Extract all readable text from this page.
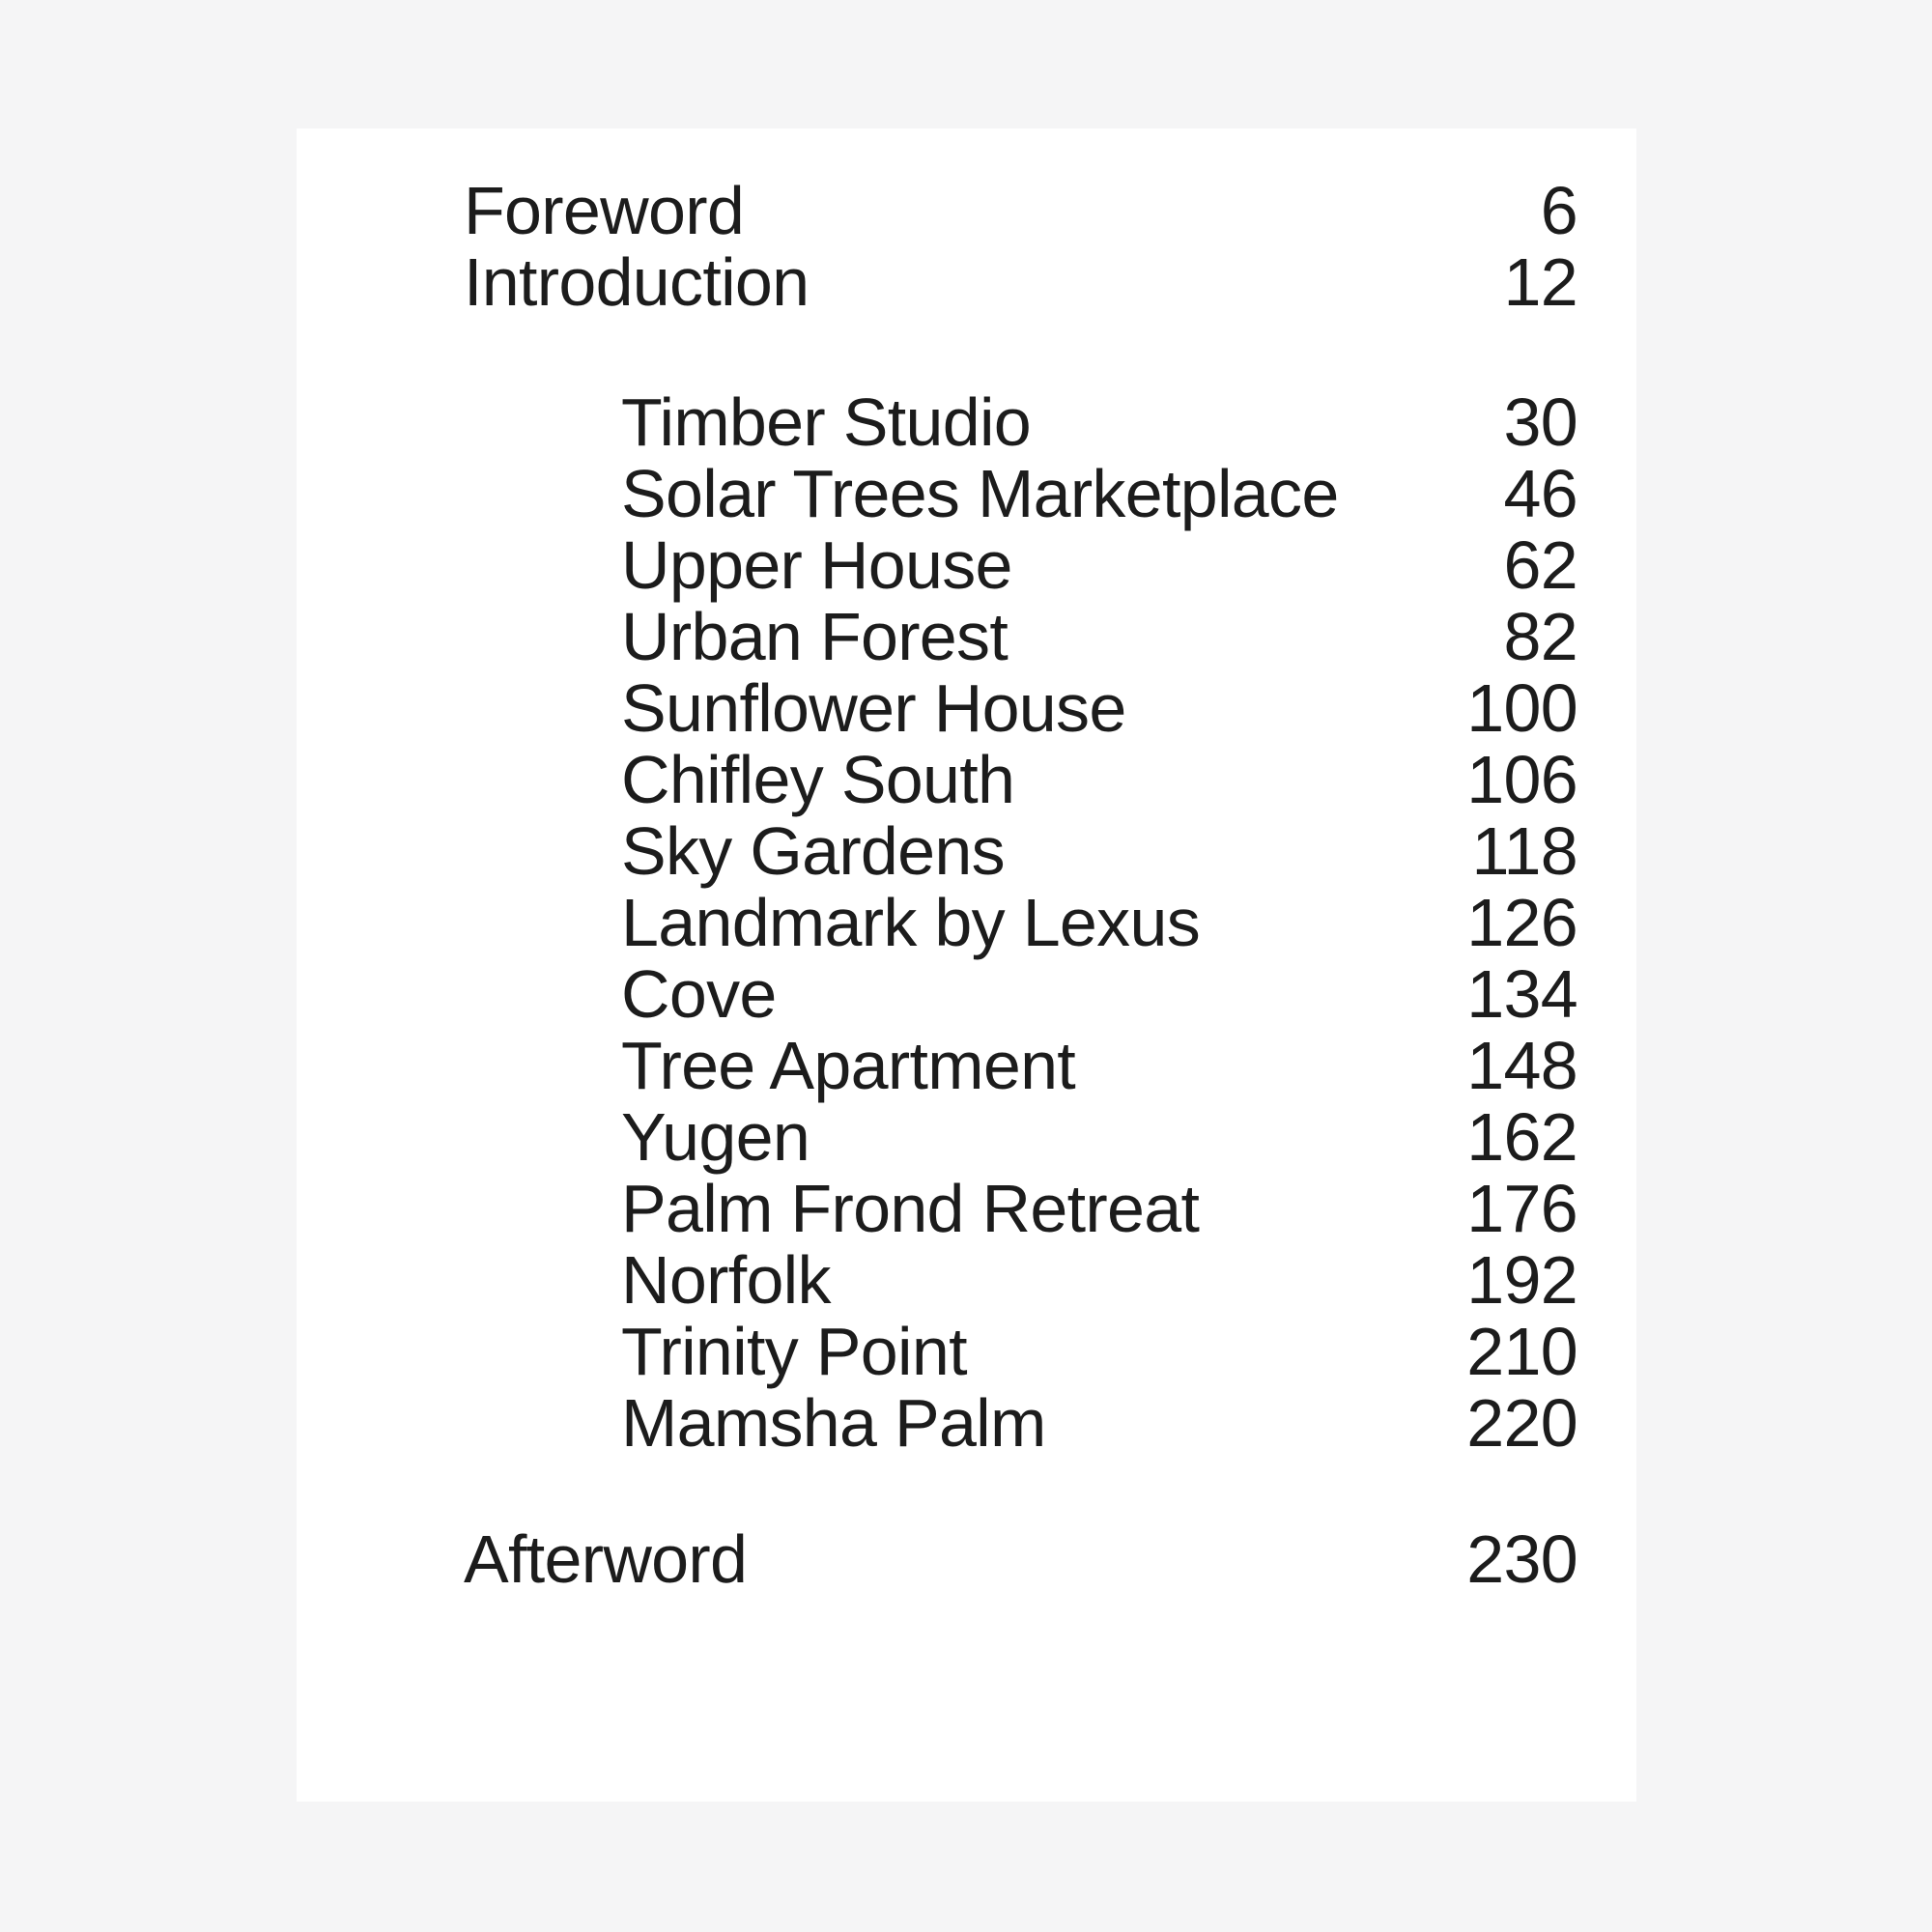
Foreword	6
Introduction	12
Timber Studio	30
Solar Trees Marketplace 46
Upper House	62
Urban Forest	82
Sunflower House	100
Chifley South	106
Sky Gardens	118
Landmark by Lexus	126
Cove	134
Tree Apartment	148
Yugen	162
Palm Frond Retreat	176
Norfolk	192
Trinity Point	210
Mamsha Palm	220
Afterword	230
